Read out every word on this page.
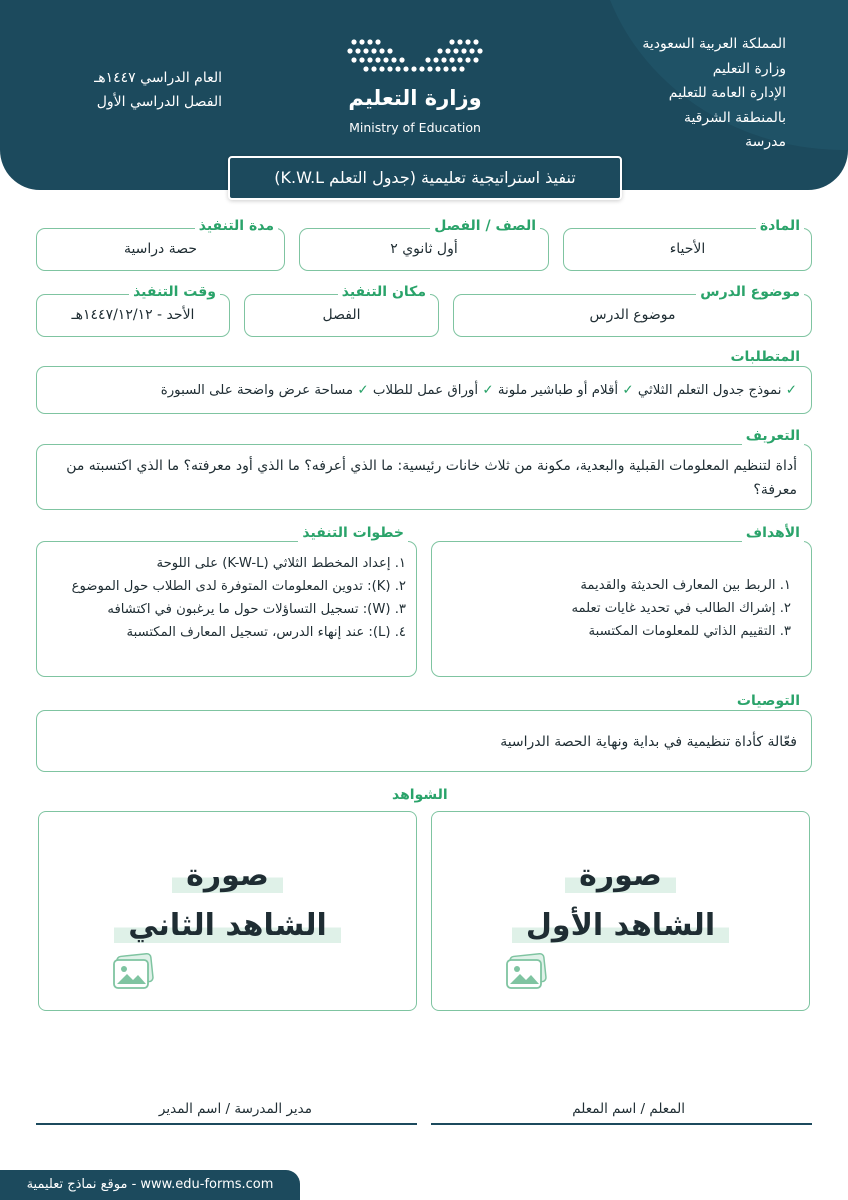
المملكة العربية السعودية
وزارة التعليم
الإدارة العامة للتعليم
بالمنطقة الشرقية
مدرسة
العام الدراسي ١٤٤٧هـ
الفصل الدراسي الأول	وزارة التعليم
Ministry of Education
تنفيذ استراتيجية تعليمية (جدول التعلم K.W.L)
الأحياء
المادة
أول ثانوي ٢
الصف / الفصل
حصة دراسية
مدة التنفيذ
موضوع الدرس
موضوع الدرس
الفصل
مكان التنفيذ
الأحد - ١٤٤٧/١٢/١٢هـ
وقت التنفيذ
✓ نموذج جدول التعلم الثلاثي ✓ أقلام أو طباشير ملونة ✓ أوراق عمل للطلاب ✓ مساحة عرض واضحة على السبورة
المتطلبات
أداة لتنظيم المعلومات القبلية والبعدية، مكونة من ثلاث خانات رئيسية: ما الذي أعرفه؟ ما الذي أود معرفته؟ ما الذي اكتسبته من معرفة؟
التعريف
١. الربط بين المعارف الحديثة والقديمة
٢. إشراك الطالب في تحديد غايات تعلمه
٣. التقييم الذاتي للمعلومات المكتسبة
الأهداف
١. إعداد المخطط الثلاثي (K-W-L) على اللوحة
٢. (K): تدوين المعلومات المتوفرة لدى الطلاب حول الموضوع
٣. (W): تسجيل التساؤلات حول ما يرغبون في اكتشافه
٤. (L): عند إنهاء الدرس، تسجيل المعارف المكتسبة
خطوات التنفيذ
فعّالة كأداة تنظيمية في بداية ونهاية الحصة الدراسية
التوصيات
الشواهد
صورة
الشاهد الأول
صورة
الشاهد الثاني
المعلم / اسم المعلم
مدير المدرسة / اسم المدير
www.edu-forms.com - موقع نماذج تعليمية
